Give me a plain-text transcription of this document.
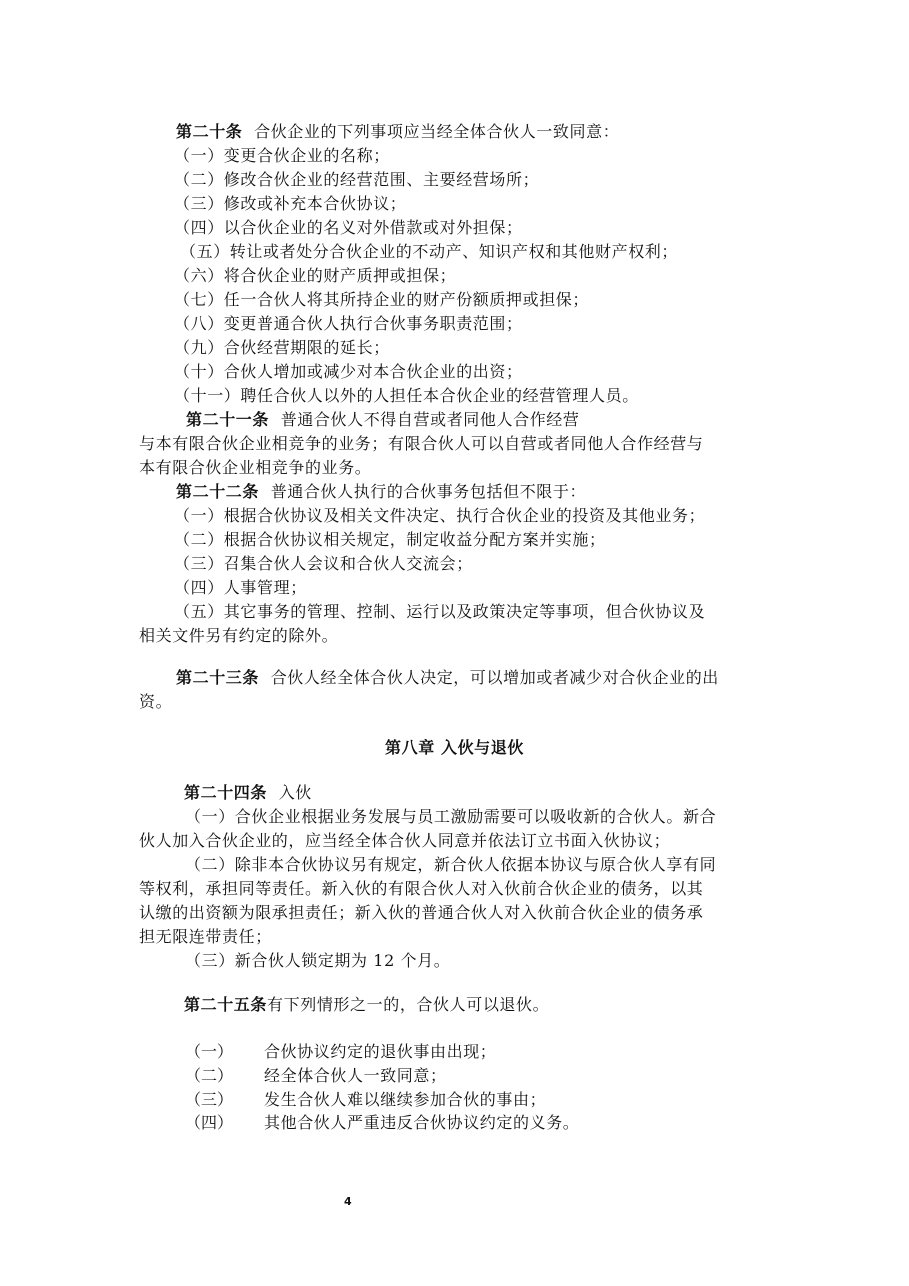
第二十条 合伙企业的下列事项应当经全体合伙人一致同意：
（一）变更合伙企业的名称；
（二）修改合伙企业的经营范围、主要经营场所；
（三）修改或补充本合伙协议；
（四）以合伙企业的名义对外借款或对外担保；
（五）转让或者处分合伙企业的不动产、知识产权和其他财产权利；
（六）将合伙企业的财产质押或担保；
（七）任一合伙人将其所持企业的财产份额质押或担保；
（八）变更普通合伙人执行合伙事务职责范围；
（九）合伙经营期限的延长；
（十）合伙人增加或减少对本合伙企业的出资；
（十一）聘任合伙人以外的人担任本合伙企业的经营管理人员。
第二十一条 普通合伙人不得自营或者同他人合作经营
与本有限合伙企业相竞争的业务；有限合伙人可以自营或者同他人合作经营与
本有限合伙企业相竞争的业务。
第二十二条 普通合伙人执行的合伙事务包括但不限于：
（一）根据合伙协议及相关文件决定、执行合伙企业的投资及其他业务；
（二）根据合伙协议相关规定，制定收益分配方案并实施；
（三）召集合伙人会议和合伙人交流会；
（四）人事管理；
（五）其它事务的管理、控制、运行以及政策决定等事项，但合伙协议及
相关文件另有约定的除外。
第二十三条 合伙人经全体合伙人决定，可以增加或者减少对合伙企业的出
资。
第八章 入伙与退伙
第二十四条 入伙
（一）合伙企业根据业务发展与员工激励需要可以吸收新的合伙人。新合
伙人加入合伙企业的，应当经全体合伙人同意并依法订立书面入伙协议；
（二）除非本合伙协议另有规定，新合伙人依据本协议与原合伙人享有同
等权利，承担同等责任。新入伙的有限合伙人对入伙前合伙企业的债务，以其
认缴的出资额为限承担责任；新入伙的普通合伙人对入伙前合伙企业的债务承
担无限连带责任；
（三）新合伙人锁定期为 12 个月。
第二十五条有下列情形之一的，合伙人可以退伙。
（一） 合伙协议约定的退伙事由出现；
（二） 经全体合伙人一致同意；
（三） 发生合伙人难以继续参加合伙的事由；
（四） 其他合伙人严重违反合伙协议约定的义务。
4
